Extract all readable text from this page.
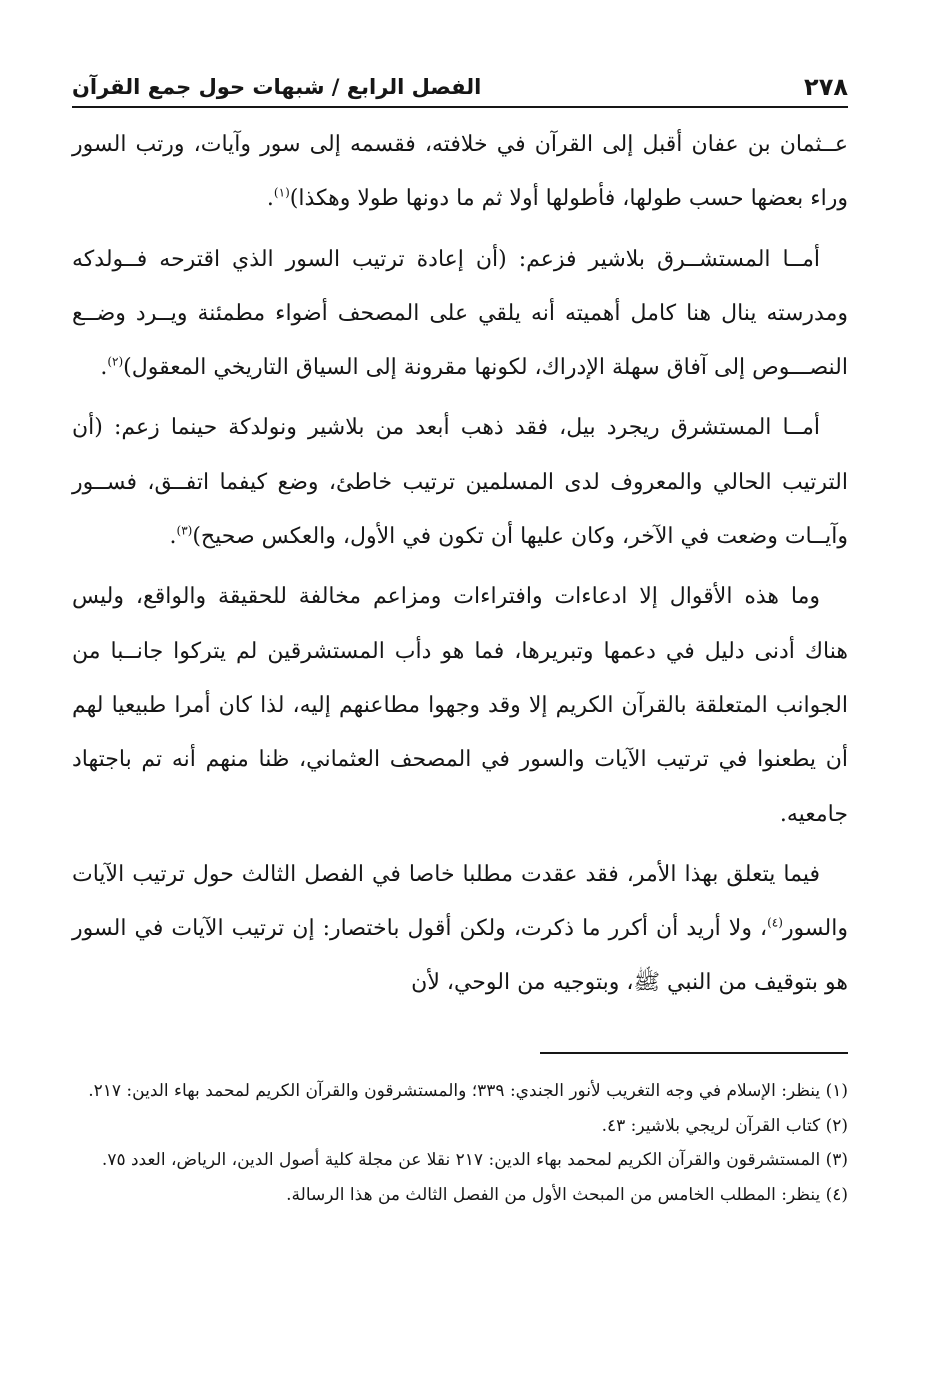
٢٧٨
الفصل الرابع / شبهات حول جمع القرآن

عــثمان بن عفان أقبل إلى القرآن في خلافته، فقسمه إلى سور وآيات، ورتب السور وراء بعضها حسب طولها، فأطولها أولا ثم ما دونها طولا وهكذا)$^{(١)}$.

أمــا المستشــرق بلاشير فزعم: (أن إعادة ترتيب السور الذي اقترحه فــولدكه ومدرسته ينال هنا كامل أهميته أنه يلقي على المصحف أضواء مطمئنة ويــرد وضــع النصـــوص إلى آفاق سهلة الإدراك، لكونها مقرونة إلى السياق التاريخي المعقول)$^{(٢)}$.

أمــا المستشرق ريجرد بيل، فقد ذهب أبعد من بلاشير ونولدكة حينما زعم: (أن الترتيب الحالي والمعروف لدى المسلمين ترتيب خاطئ، وضع كيفما اتفــق، فســور وآيــات وضعت في الآخر، وكان عليها أن تكون في الأول، والعكس صحيح)$^{(٣)}$.

وما هذه الأقوال إلا ادعاءات وافتراءات ومزاعم مخالفة للحقيقة والواقع، وليس هناك أدنى دليل في دعمها وتبريرها، فما هو دأب المستشرقين لم يتركوا جانــبا من الجوانب المتعلقة بالقرآن الكريم إلا وقد وجهوا مطاعنهم إليه، لذا كان أمرا طبيعيا لهم أن يطعنوا في ترتيب الآيات والسور في المصحف العثماني، ظنا منهم أنه تم باجتهاد جامعيه.

فيما يتعلق بهذا الأمر، فقد عقدت مطلبا خاصا في الفصل الثالث حول ترتيب الآيات والسور$^{(٤)}$، ولا أريد أن أكرر ما ذكرت، ولكن أقول باختصار: إن ترتيب الآيات في السور هو بتوقيف من النبي ﷺ، وبتوجيه من الوحي، لأن

(١) ينظر: الإسلام في وجه التغريب لأنور الجندي: ٣٣٩؛ والمستشرقون والقرآن الكريم لمحمد بهاء الدين: ٢١٧.

(٢) كتاب القرآن لريجي بلاشير: ٤٣.

(٣) المستشرقون والقرآن الكريم لمحمد بهاء الدين: ٢١٧ نقلا عن مجلة كلية أصول الدين، الرياض، العدد ٧٥.

(٤) ينظر: المطلب الخامس من المبحث الأول من الفصل الثالث من هذا الرسالة.
